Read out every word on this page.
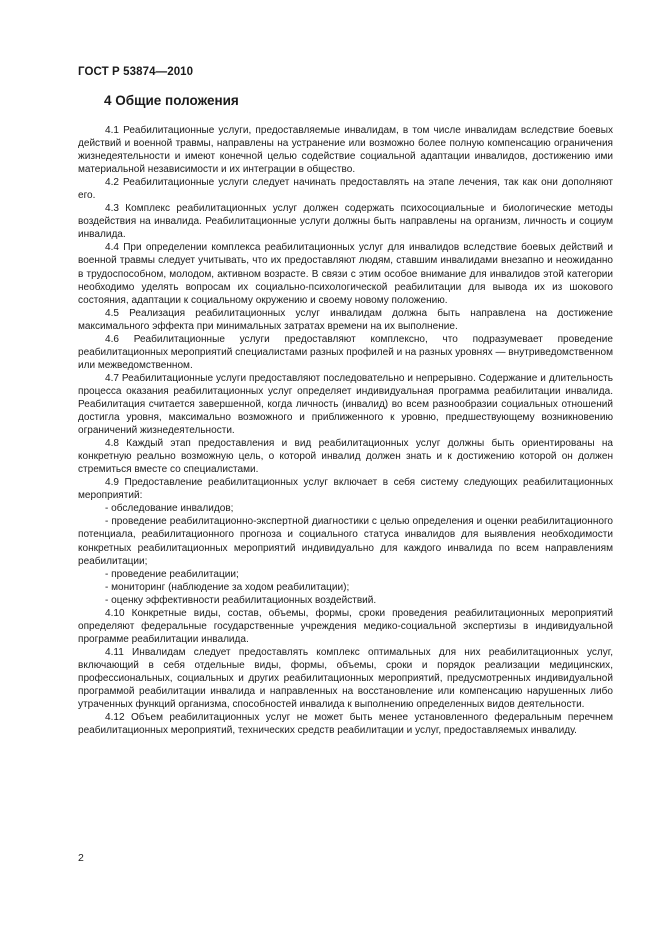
ГОСТ Р 53874—2010
4 Общие положения

4.1 Реабилитационные услуги, предоставляемые инвалидам, в том числе инвалидам вследствие боевых действий и военной травмы, направлены на устранение или возможно более полную компенсацию ограничения жизнедеятельности и имеют конечной целью содействие социальной адаптации инвалидов, достижению ими материальной независимости и их интеграции в общество.

4.2 Реабилитационные услуги следует начинать предоставлять на этапе лечения, так как они дополняют его.

4.3 Комплекс реабилитационных услуг должен содержать психосоциальные и биологические методы воздействия на инвалида. Реабилитационные услуги должны быть направлены на организм, личность и социум инвалида.

4.4 При определении комплекса реабилитационных услуг для инвалидов вследствие боевых действий и военной травмы следует учитывать, что их предоставляют людям, ставшим инвалидами внезапно и неожиданно в трудоспособном, молодом, активном возрасте. В связи с этим особое внимание для инвалидов этой категории необходимо уделять вопросам их социально-психологической реабилитации для вывода их из шокового состояния, адаптации к социальному окружению и своему новому положению.

4.5 Реализация реабилитационных услуг инвалидам должна быть направлена на достижение максимального эффекта при минимальных затратах времени на их выполнение.

4.6 Реабилитационные услуги предоставляют комплексно, что подразумевает проведение реабилитационных мероприятий специалистами разных профилей и на разных уровнях — внутриведомственном или межведомственном.

4.7 Реабилитационные услуги предоставляют последовательно и непрерывно. Содержание и длительность процесса оказания реабилитационных услуг определяет индивидуальная программа реабилитации инвалида. Реабилитация считается завершенной, когда личность (инвалид) во всем разнообразии социальных отношений достигла уровня, максимально возможного и приближенного к уровню, предшествующему возникновению ограничений жизнедеятельности.

4.8 Каждый этап предоставления и вид реабилитационных услуг должны быть ориентированы на конкретную реально возможную цель, о которой инвалид должен знать и к достижению которой он должен стремиться вместе со специалистами.

4.9 Предоставление реабилитационных услуг включает в себя систему следующих реабилитационных мероприятий:

- обследование инвалидов;

- проведение реабилитационно-экспертной диагностики с целью определения и оценки реабилитационного потенциала, реабилитационного прогноза и социального статуса инвалидов для выявления необходимости конкретных реабилитационных мероприятий индивидуально для каждого инвалида по всем направлениям реабилитации;

- проведение реабилитации;

- мониторинг (наблюдение за ходом реабилитации);

- оценку эффективности реабилитационных воздействий.

4.10 Конкретные виды, состав, объемы, формы, сроки проведения реабилитационных мероприятий определяют федеральные государственные учреждения медико-социальной экспертизы в индивидуальной программе реабилитации инвалида.

4.11 Инвалидам следует предоставлять комплекс оптимальных для них реабилитационных услуг, включающий в себя отдельные виды, формы, объемы, сроки и порядок реализации медицинских, профессиональных, социальных и других реабилитационных мероприятий, предусмотренных индивидуальной программой реабилитации инвалида и направленных на восстановление или компенсацию нарушенных либо утраченных функций организма, способностей инвалида к выполнению определенных видов деятельности.

4.12 Объем реабилитационных услуг не может быть менее установленного федеральным перечнем реабилитационных мероприятий, технических средств реабилитации и услуг, предоставляемых инвалиду.

2
